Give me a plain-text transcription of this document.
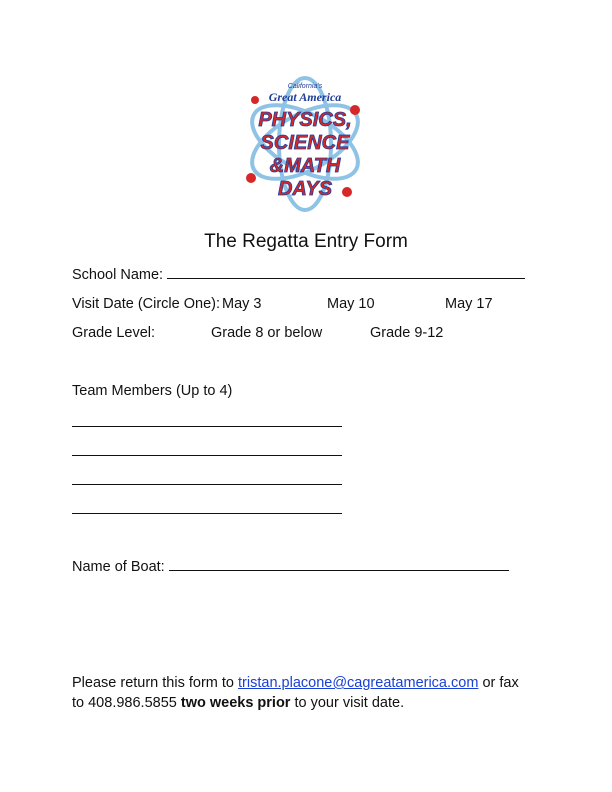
California's
Great America
PHYSICS,
SCIENCE
&MATH
DAYS
The Regatta Entry Form
School Name:
Visit Date (Circle One): May 3	May 10	May 17
Grade Level:	Grade 8 or below	Grade 9-12
Team Members (Up to 4)
Name of Boat:
Please return this form to tristan.placone@cagreatamerica.com or fax
to 408.986.5855 two weeks prior to your visit date.
